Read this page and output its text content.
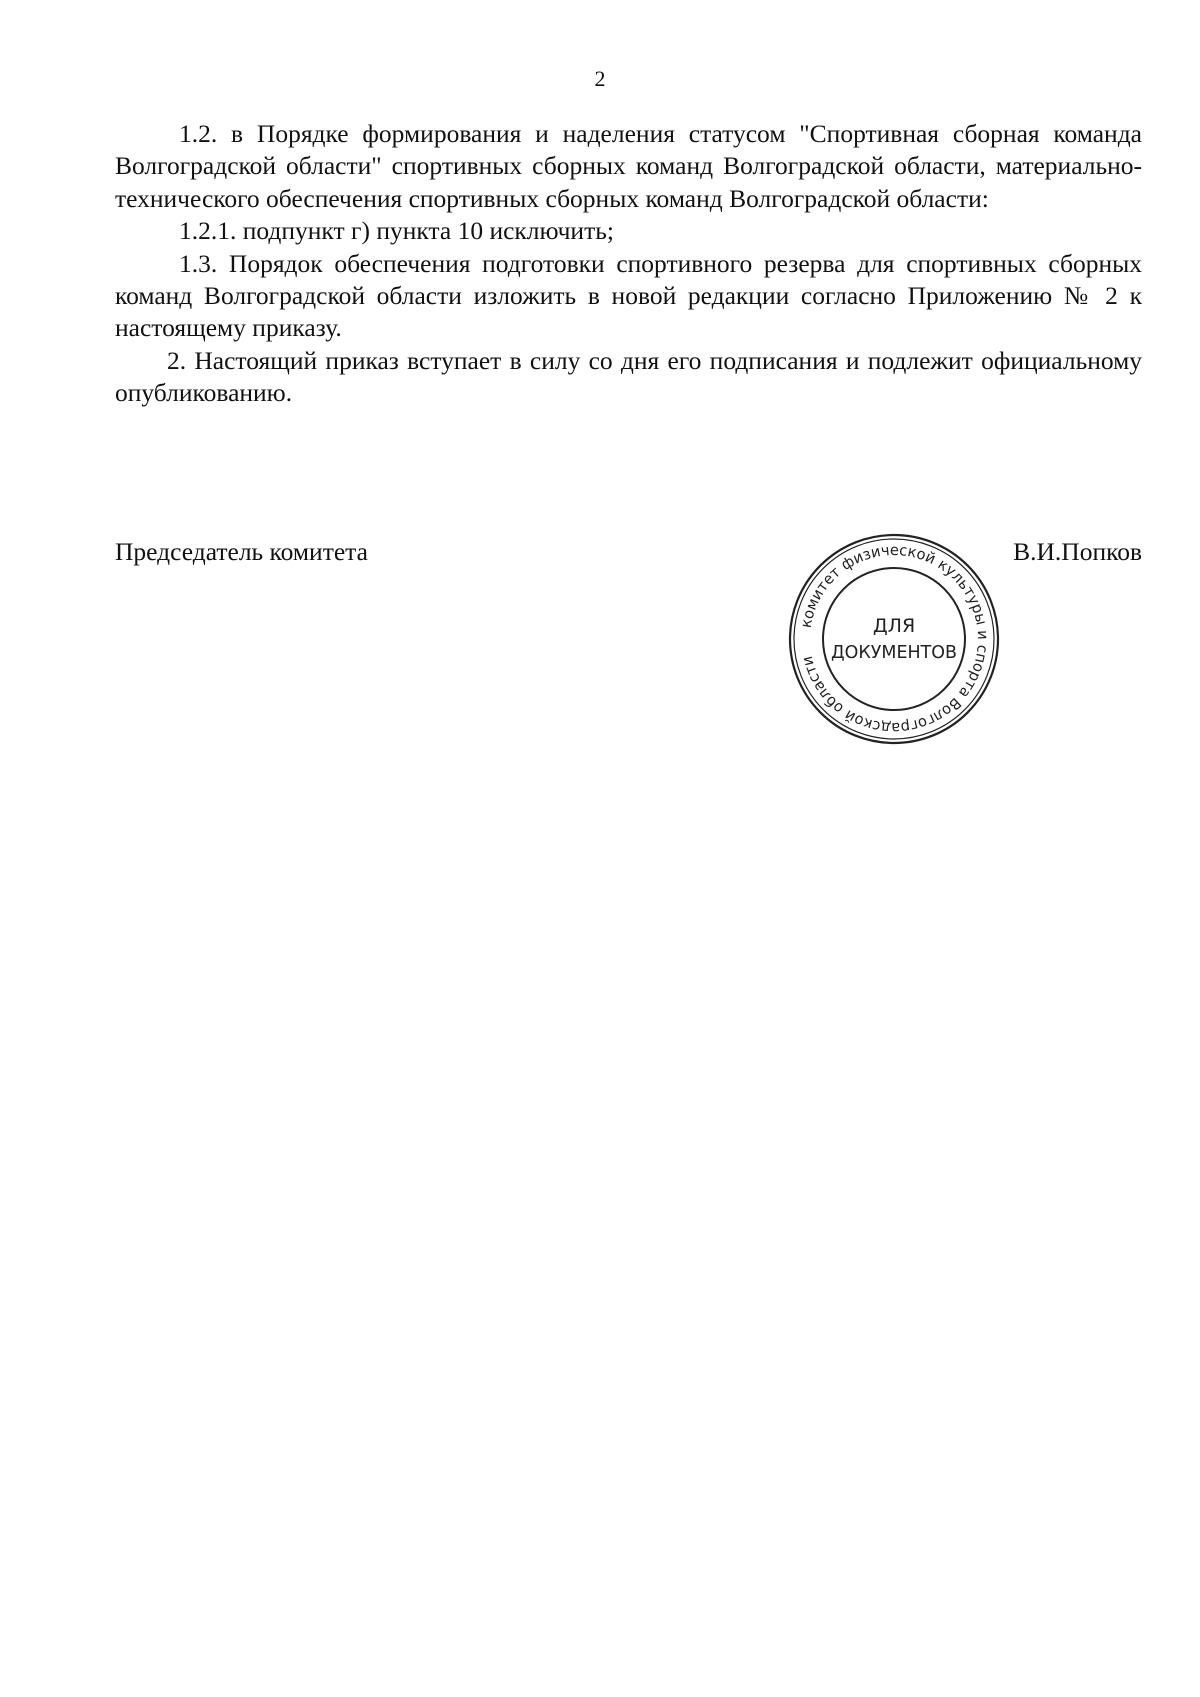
2

1.2. в Порядке формирования и наделения статусом "Спортивная сборная команда Волгоградской области" спортивных сборных команд Волгоградской области, материально-технического обеспечения спортивных сборных команд Волгоградской области:

1.2.1. подпункт г) пункта 10 исключить;

1.3. Порядок обеспечения подготовки спортивного резерва для спортивных сборных команд Волгоградской области изложить в новой редакции согласно Приложению № 2 к настоящему приказу.

2. Настоящий приказ вступает в силу со дня его подписания и подлежит официальному опубликованию.

Председатель комитета	В.И.Попков
комитет физической культуры и спорта Волгоградской области
ДЛЯ
ДОКУМЕНТОВ
